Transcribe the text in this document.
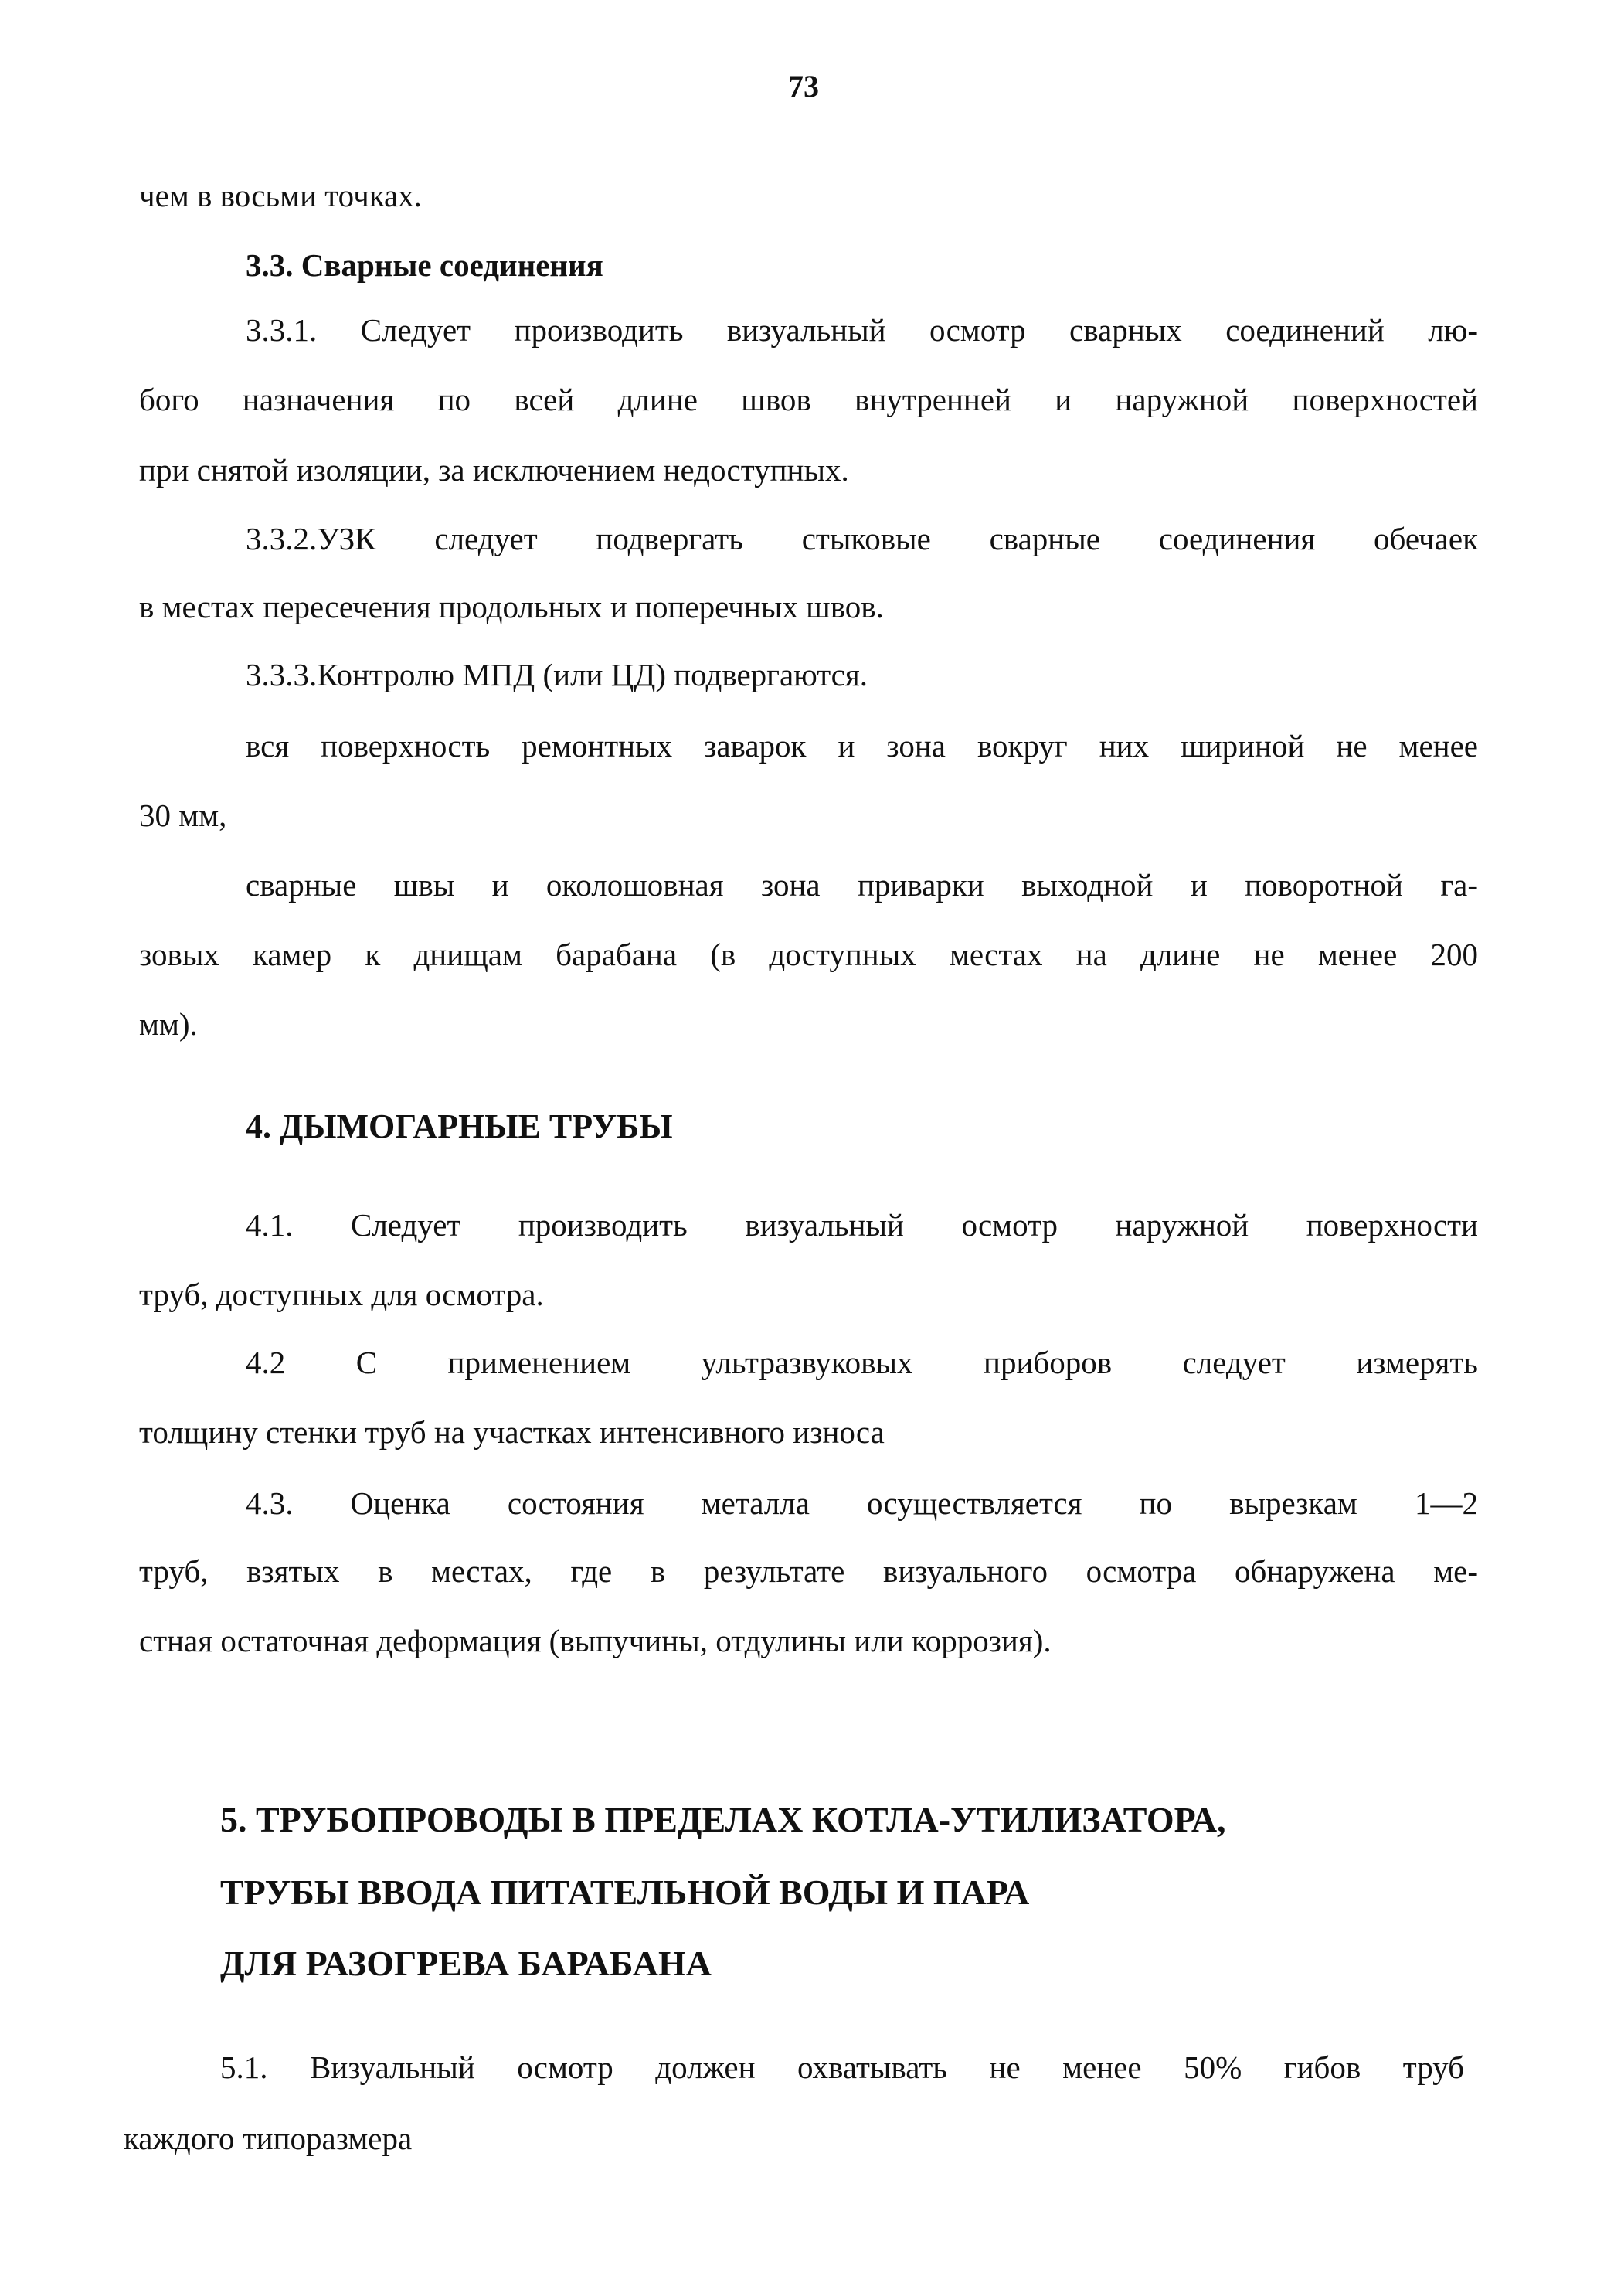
73
чем в восьми точках.
3.3. Сварные соединения
3.3.1. Следует производить визуальный осмотр сварных соединений лю-
бого назначения по всей длине швов внутренней и наружной поверхностей
при снятой изоляции, за исключением недоступных.
3.3.2.УЗК следует подвергать стыковые сварные соединения обечаек
в местах пересечения продольных и поперечных швов.
3.3.3.Контролю МПД (или ЦД) подвергаются.
вся поверхность ремонтных заварок и зона вокруг них шириной не менее
30 мм,
сварные швы и околошовная зона приварки выходной и поворотной га-
зовых камер к днищам барабана (в доступных местах на длине не менее 200
мм).
4. ДЫМОГАРНЫЕ ТРУБЫ
4.1. Следует производить визуальный осмотр наружной поверхности
труб, доступных для осмотра.
4.2 С применением ультразвуковых приборов следует измерять
толщину стенки труб на участках интенсивного износа
4.3. Оценка состояния металла осуществляется по вырезкам 1—2
труб, взятых в местах, где в результате визуального осмотра обнаружена ме-
стная остаточная деформация (выпучины, отдулины или коррозия).
5. ТРУБОПРОВОДЫ В ПРЕДЕЛАХ КОТЛА-УТИЛИЗАТОРА,
ТРУБЫ ВВОДА ПИТАТЕЛЬНОЙ ВОДЫ И ПАРА
ДЛЯ РАЗОГРЕВА БАРАБАНА
5.1. Визуальный осмотр должен охватывать не менее 50% гибов труб
каждого типоразмера
